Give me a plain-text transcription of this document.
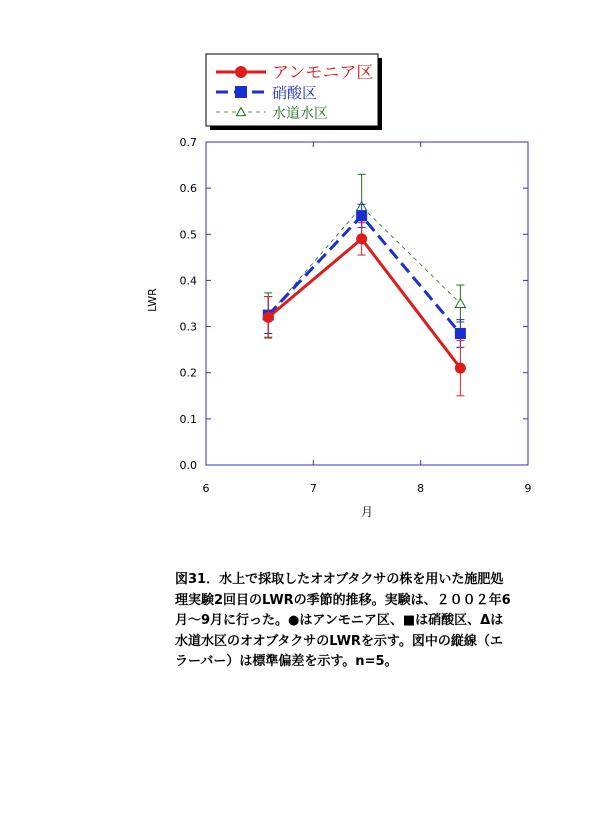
アンモニア区
硝酸区
水道水区
0.0
0.1
0.2
0.3
0.4
0.5
0.6
0.7
6	7	8	9
月
LWR
図31．水上で採取したオオブタクサの株を用いた施肥処
理実験2回目のLWRの季節的推移。実験は、２００２年6
月～9月に行った。●はアンモニア区、■は硝酸区、Δは
水道水区のオオブタクサのLWRを示す。図中の縦線（エ
ラーバー）は標準偏差を示す。n=5。
